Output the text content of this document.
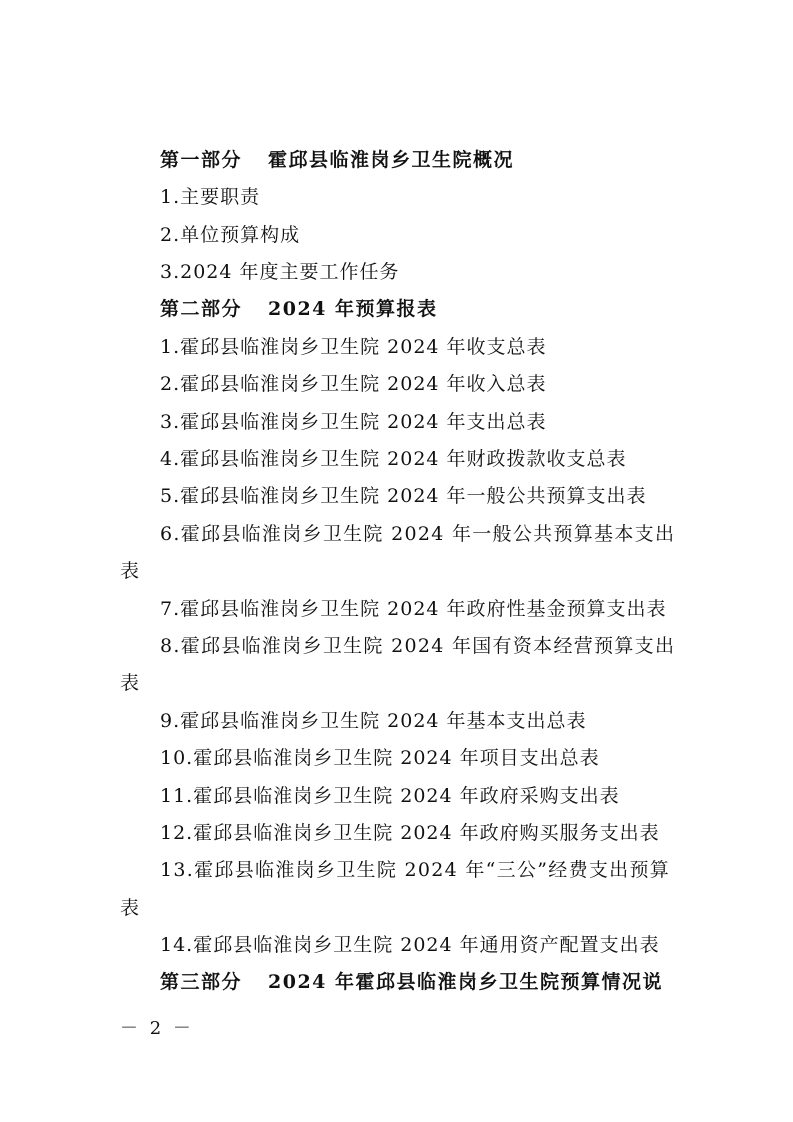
第一部分 霍邱县临淮岗乡卫生院概况
1.主要职责
2.单位预算构成
3.2024 年度主要工作任务
第二部分 2024 年预算报表
1.霍邱县临淮岗乡卫生院 2024 年收支总表
2.霍邱县临淮岗乡卫生院 2024 年收入总表
3.霍邱县临淮岗乡卫生院 2024 年支出总表
4.霍邱县临淮岗乡卫生院 2024 年财政拨款收支总表
5.霍邱县临淮岗乡卫生院 2024 年一般公共预算支出表
6.霍邱县临淮岗乡卫生院 2024 年一般公共预算基本支出
表
7.霍邱县临淮岗乡卫生院 2024 年政府性基金预算支出表
8.霍邱县临淮岗乡卫生院 2024 年国有资本经营预算支出
表
9.霍邱县临淮岗乡卫生院 2024 年基本支出总表
10.霍邱县临淮岗乡卫生院 2024 年项目支出总表
11.霍邱县临淮岗乡卫生院 2024 年政府采购支出表
12.霍邱县临淮岗乡卫生院 2024 年政府购买服务支出表
13.霍邱县临淮岗乡卫生院 2024 年“三公”经费支出预算
表
14.霍邱县临淮岗乡卫生院 2024 年通用资产配置支出表
第三部分 2024 年霍邱县临淮岗乡卫生院预算情况说
－ 2 －
